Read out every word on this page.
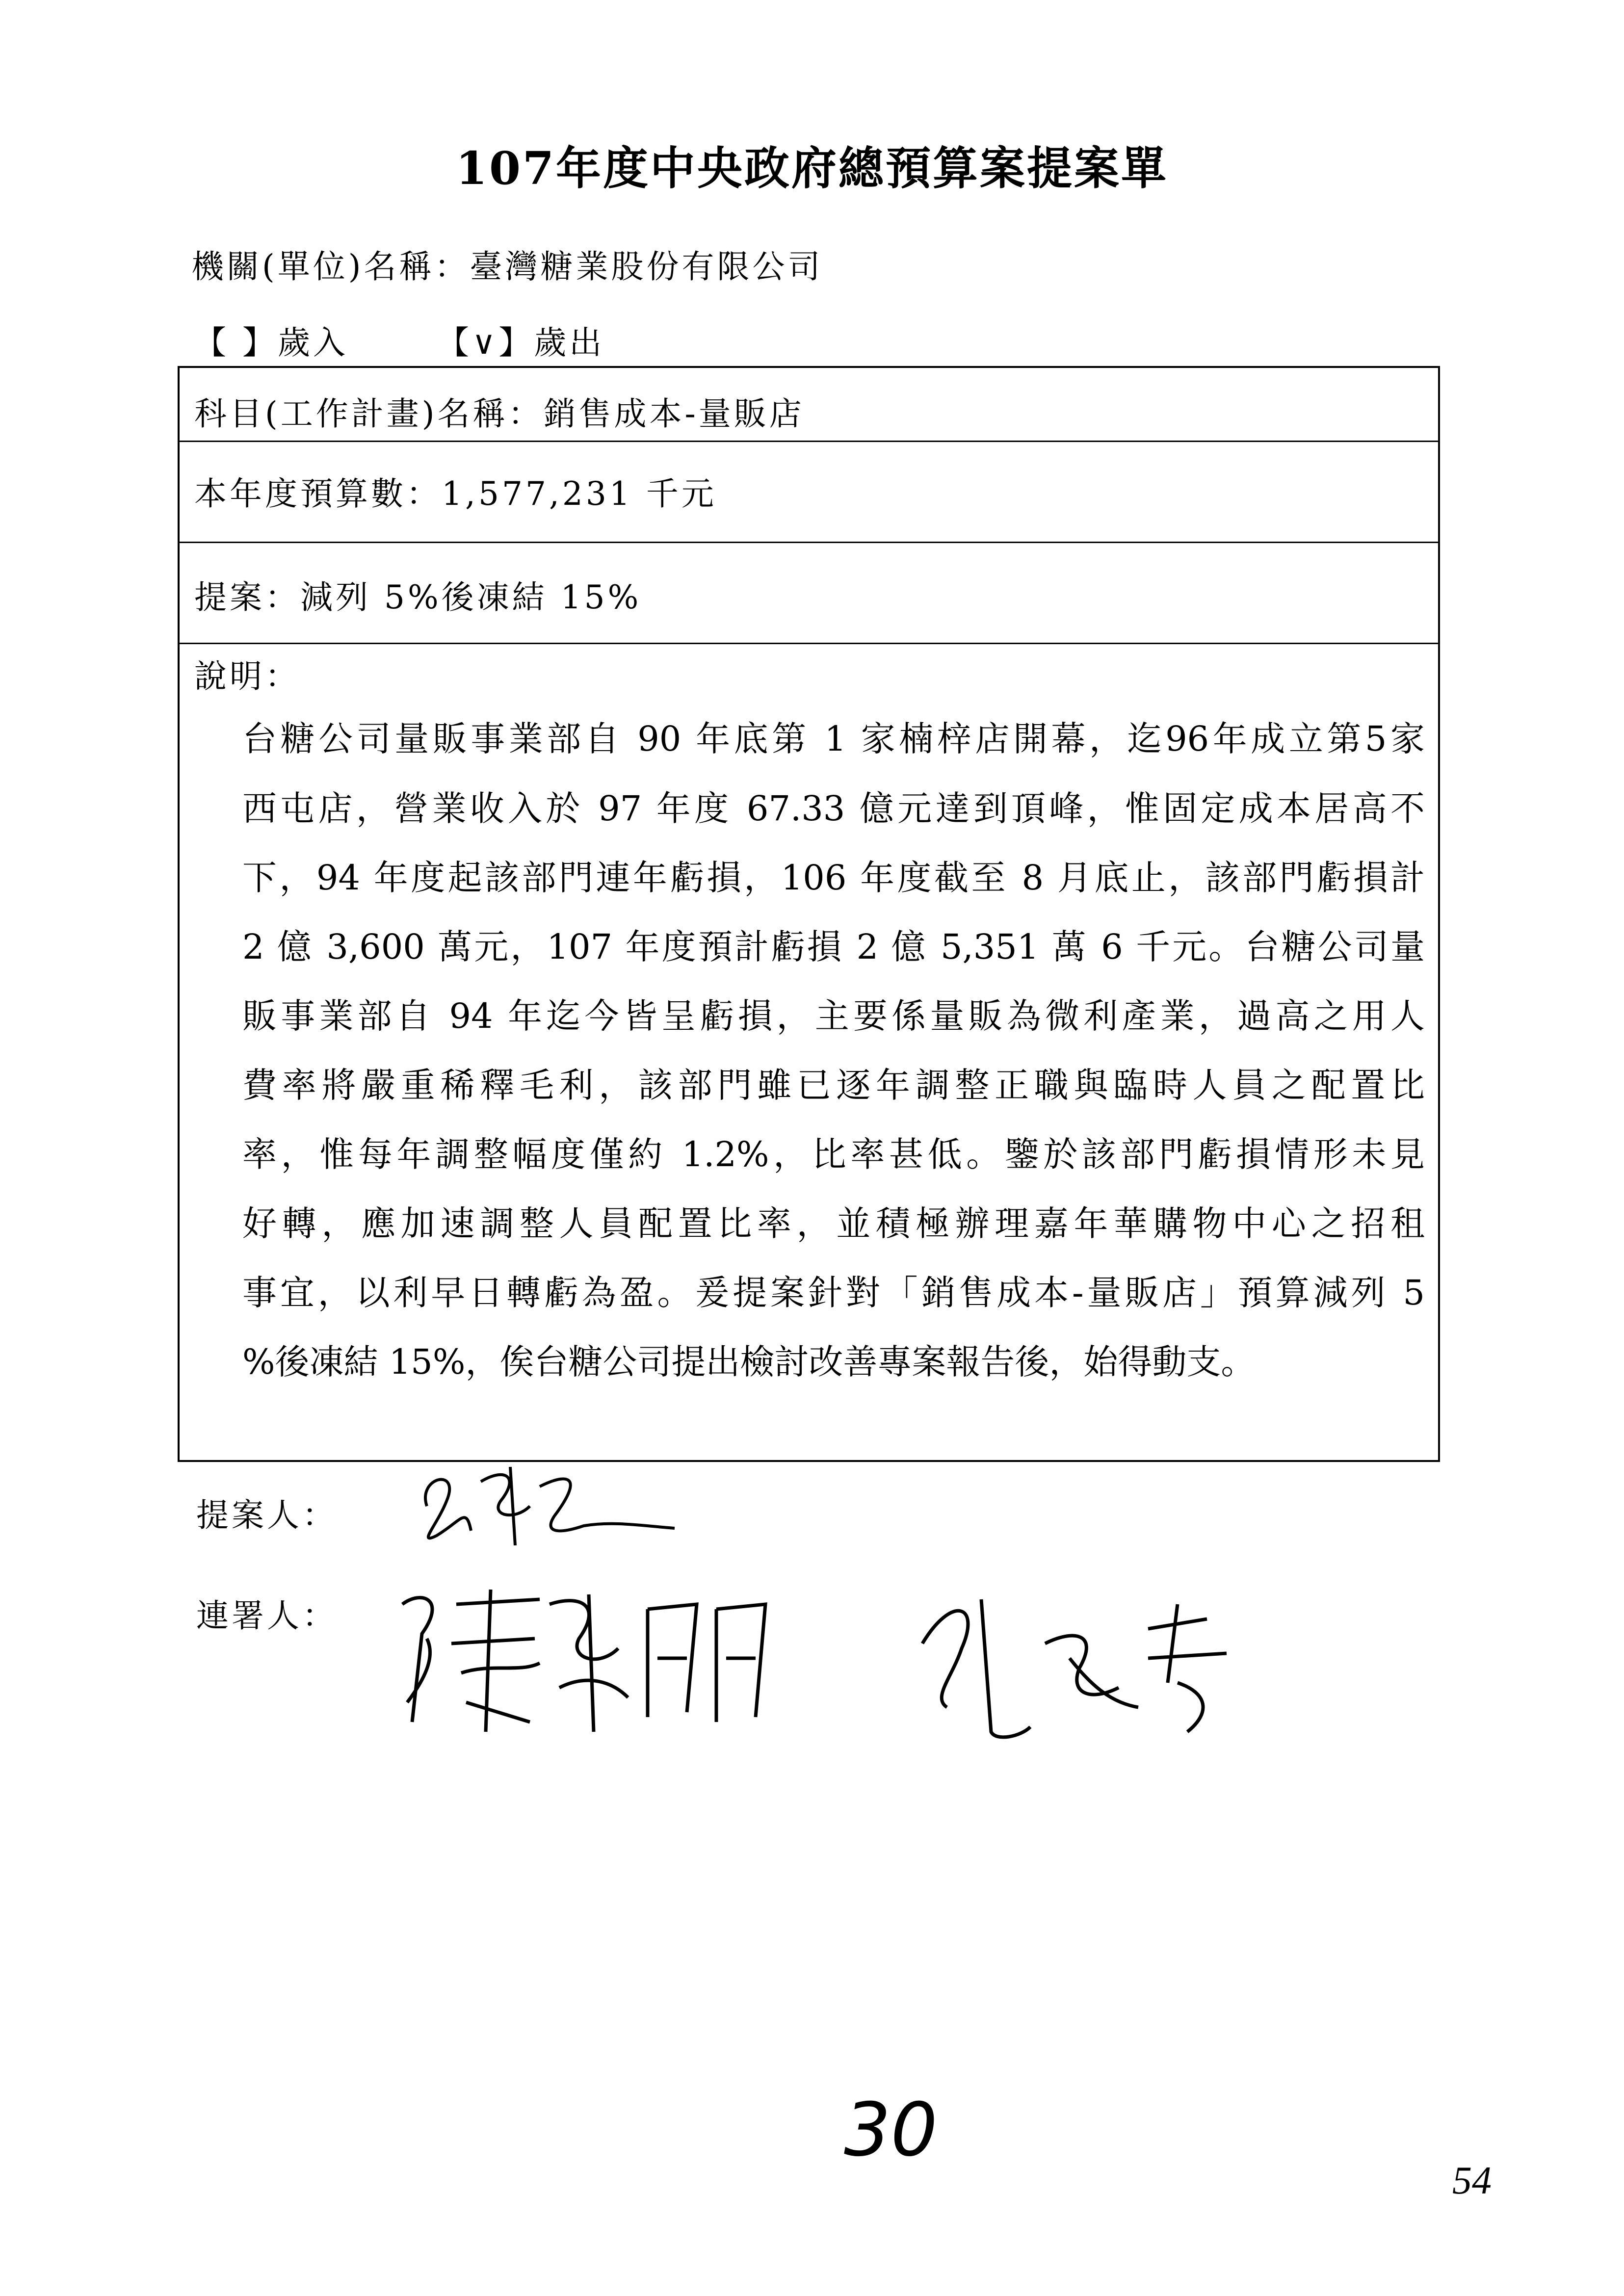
107年度中央政府總預算案提案單
機關(單位)名稱：臺灣糖業股份有限公司
【 】歲入	【∨】歲出
科目(工作計畫)名稱：銷售成本-量販店
本年度預算數：1,577,231 千元
提案：減列 5%後凍結 15%
說明：
台糖公司量販事業部自 90 年底第 1 家楠梓店開幕，迄96年成立第5家
西屯店，營業收入於 97 年度 67.33 億元達到頂峰，惟固定成本居高不
下，94 年度起該部門連年虧損，106 年度截至 8 月底止，該部門虧損計
2 億 3,600 萬元，107 年度預計虧損 2 億 5,351 萬 6 千元。台糖公司量
販事業部自 94 年迄今皆呈虧損，主要係量販為微利產業，過高之用人
費率將嚴重稀釋毛利，該部門雖已逐年調整正職與臨時人員之配置比
率，惟每年調整幅度僅約 1.2%，比率甚低。鑒於該部門虧損情形未見
好轉，應加速調整人員配置比率，並積極辦理嘉年華購物中心之招租
事宜，以利早日轉虧為盈。爰提案針對「銷售成本-量販店」預算減列 5
%後凍結 15%，俟台糖公司提出檢討改善專案報告後，始得動支。
提案人：
連署人：
30
54
